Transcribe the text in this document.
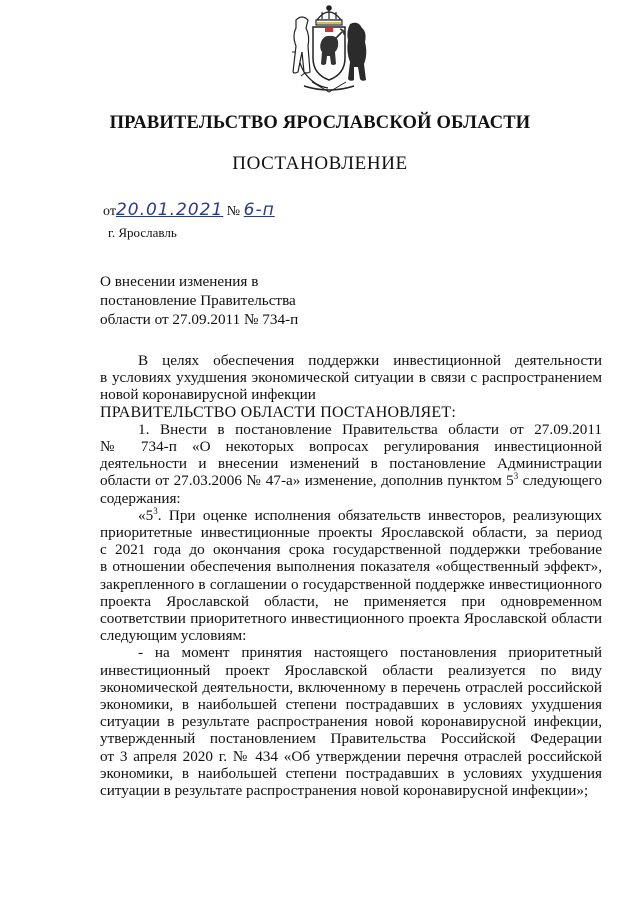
ПРАВИТЕЛЬСТВО ЯРОСЛАВСКОЙ ОБЛАСТИ
ПОСТАНОВЛЕНИЕ
от20.01.2021 № 6-п
г. Ярославль
О внесении изменения в
постановление Правительства
области от 27.09.2011 № 734-п
В целях обеспечения поддержки инвестиционной деятельности
в условиях ухудшения экономической ситуации в связи с распространением
новой коронавирусной инфекции
ПРАВИТЕЛЬСТВО ОБЛАСТИ ПОСТАНОВЛЯЕТ:
1. Внести в постановление Правительства области от 27.09.2011
№ 734-п «О некоторых вопросах регулирования инвестиционной
деятельности и внесении изменений в постановление Администрации
области от 27.03.2006 № 47-а» изменение, дополнив пунктом $5^3$ следующего
содержания:
«$5^3$. При оценке исполнения обязательств инвесторов, реализующих
приоритетные инвестиционные проекты Ярославской области, за период
с 2021 года до окончания срока государственной поддержки требование
в отношении обеспечения выполнения показателя «общественный эффект»,
закрепленного в соглашении о государственной поддержке инвестиционного
проекта Ярославской области, не применяется при одновременном
соответствии приоритетного инвестиционного проекта Ярославской области
следующим условиям:
- на момент принятия настоящего постановления приоритетный
инвестиционный проект Ярославской области реализуется по виду
экономической деятельности, включенному в перечень отраслей российской
экономики, в наибольшей степени пострадавших в условиях ухудшения
ситуации в результате распространения новой коронавирусной инфекции,
утвержденный постановлением Правительства Российской Федерации
от 3 апреля 2020 г. № 434 «Об утверждении перечня отраслей российской
экономики, в наибольшей степени пострадавших в условиях ухудшения
ситуации в результате распространения новой коронавирусной инфекции»;
